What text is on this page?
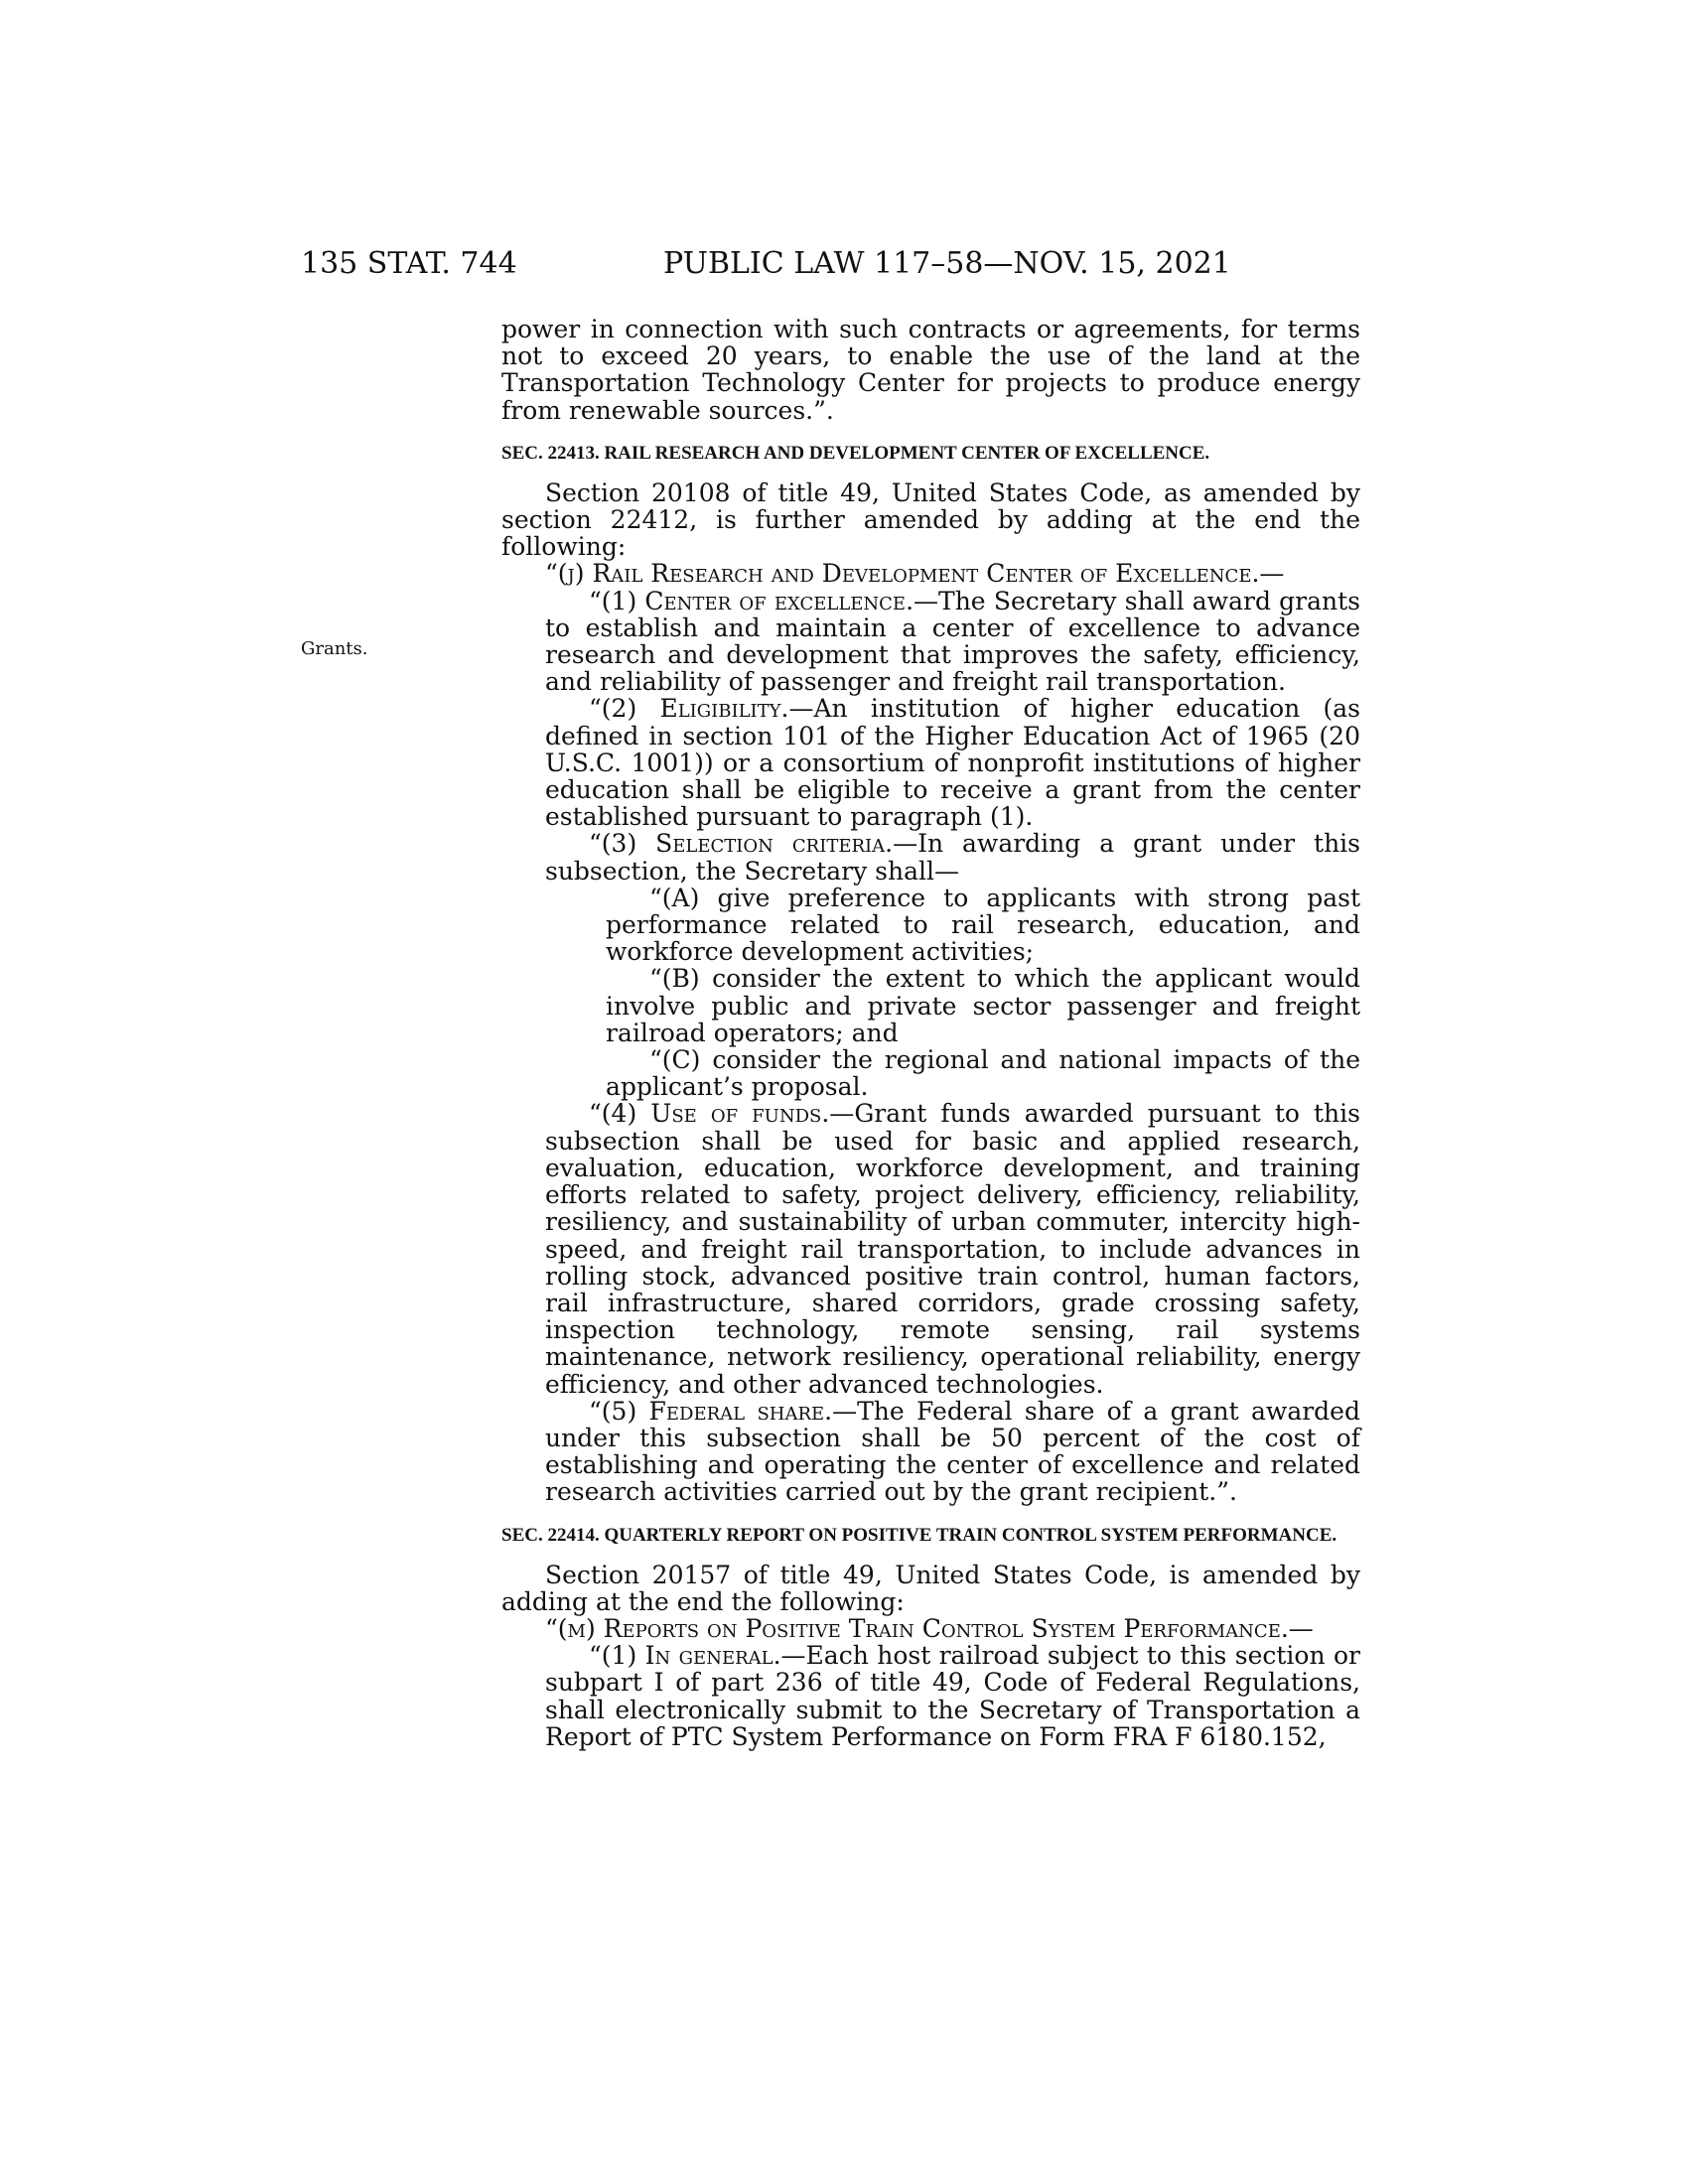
135 STAT. 744	PUBLIC LAW 117–58—NOV. 15, 2021
Grants.

power in connection with such contracts or agreements, for terms not to exceed 20 years, to enable the use of the land at the Transportation Technology Center for projects to produce energy from renewable sources.”.

SEC. 22413. RAIL RESEARCH AND DEVELOPMENT CENTER OF EXCELLENCE.

Section 20108 of title 49, United States Code, as amended by section 22412, is further amended by adding at the end the following:

“(j) Rail Research and Development Center of Excellence.—

“(1) Center of excellence.—The Secretary shall award grants to establish and maintain a center of excellence to advance research and development that improves the safety, efficiency, and reliability of passenger and freight rail transportation.

“(2) Eligibility.—An institution of higher education (as defined in section 101 of the Higher Education Act of 1965 (20 U.S.C. 1001)) or a consortium of nonprofit institutions of higher education shall be eligible to receive a grant from the center established pursuant to paragraph (1).

“(3) Selection criteria.—In awarding a grant under this subsection, the Secretary shall—

“(A) give preference to applicants with strong past performance related to rail research, education, and workforce development activities;

“(B) consider the extent to which the applicant would involve public and private sector passenger and freight railroad operators; and

“(C) consider the regional and national impacts of the applicant’s proposal.

“(4) Use of funds.—Grant funds awarded pursuant to this subsection shall be used for basic and applied research, evaluation, education, workforce development, and training efforts related to safety, project delivery, efficiency, reliability, resiliency, and sustainability of urban commuter, intercity high-speed, and freight rail transportation, to include advances in rolling stock, advanced positive train control, human factors, rail infrastructure, shared corridors, grade crossing safety, inspection technology, remote sensing, rail systems maintenance, network resiliency, operational reliability, energy efficiency, and other advanced technologies.

“(5) Federal share.—The Federal share of a grant awarded under this subsection shall be 50 percent of the cost of establishing and operating the center of excellence and related research activities carried out by the grant recipient.”.

SEC. 22414. QUARTERLY REPORT ON POSITIVE TRAIN CONTROL SYSTEM PERFORMANCE.

Section 20157 of title 49, United States Code, is amended by adding at the end the following:

“(m) Reports on Positive Train Control System Performance.—

“(1) In general.—Each host railroad subject to this section or subpart I of part 236 of title 49, Code of Federal Regulations, shall electronically submit to the Secretary of Transportation a Report of PTC System Performance on Form FRA F 6180.152,
